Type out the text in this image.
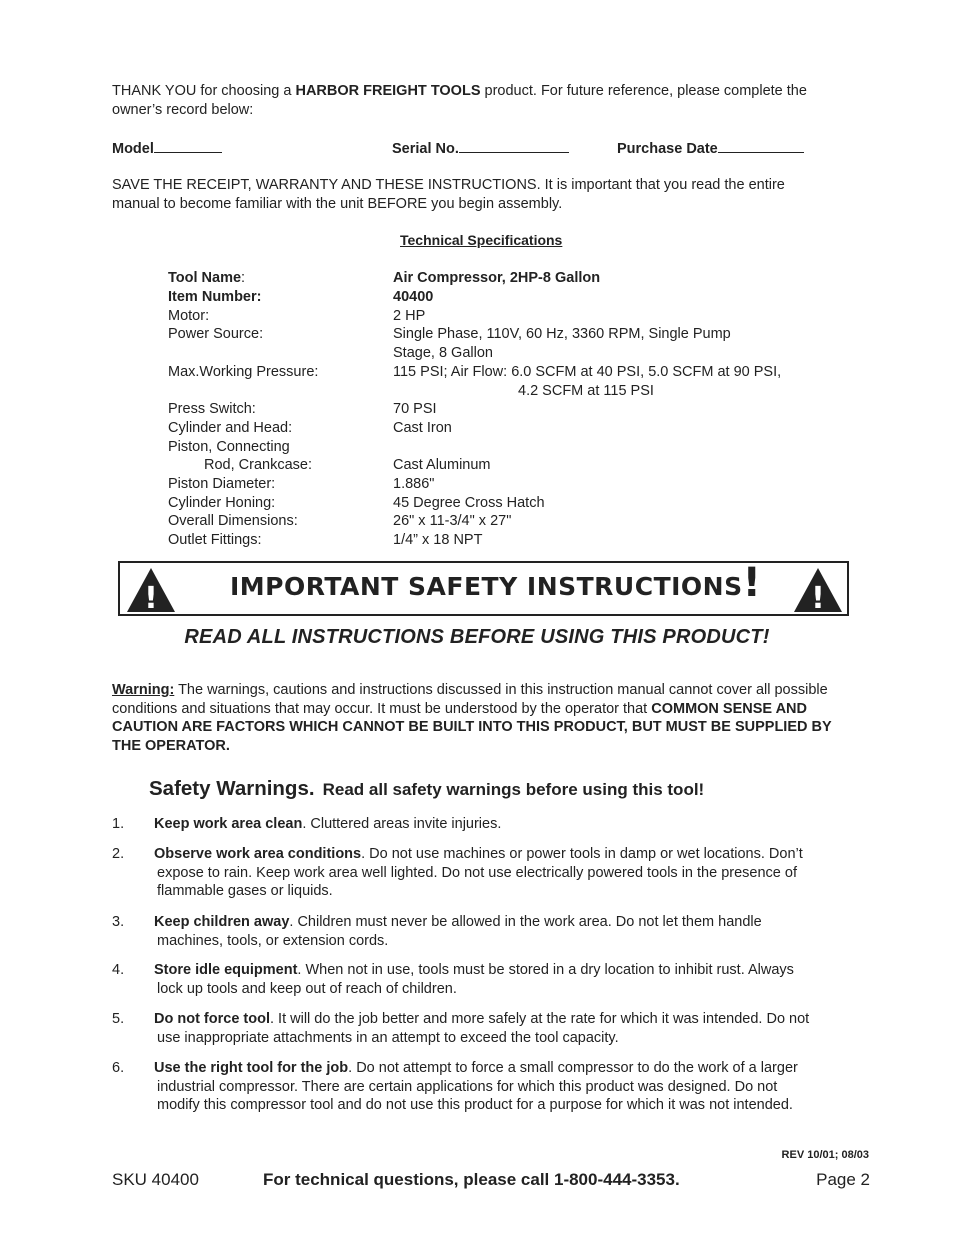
THANK YOU for choosing a HARBOR FREIGHT TOOLS product. For future reference, please complete the
owner’s record below:
Model	Serial No.	Purchase Date
SAVE THE RECEIPT, WARRANTY AND THESE INSTRUCTIONS. It is important that you read the entire
manual to become familiar with the unit BEFORE you begin assembly.
Technical Specifications
Tool Name:	Air Compressor, 2HP-8 Gallon
Item Number:	40400
Motor:	2 HP
Power Source:	Single Phase, 110V, 60 Hz, 3360 RPM, Single Pump
Stage, 8 Gallon
Max.Working Pressure:	115 PSI; Air Flow: 6.0 SCFM at 40 PSI, 5.0 SCFM at 90 PSI,
4.2 SCFM at 115 PSI
Press Switch:	70 PSI
Cylinder and Head:	Cast Iron
Piston, Connecting
Rod, Crankcase:	Cast Aluminum
Piston Diameter:	1.886"
Cylinder Honing:	45 Degree Cross Hatch
Overall Dimensions:	26" x 11-3/4" x 27"
Outlet Fittings:	1/4” x 18 NPT
!	IMPORTANT SAFETY INSTRUCTIONS! !
READ ALL INSTRUCTIONS BEFORE USING THIS PRODUCT!
Warning: The warnings, cautions and instructions discussed in this instruction manual cannot cover all possible
conditions and situations that may occur. It must be understood by the operator that COMMON SENSE AND
CAUTION ARE FACTORS WHICH CANNOT BE BUILT INTO THIS PRODUCT, BUT MUST BE SUPPLIED BY
THE OPERATOR.
Safety Warnings. Read all safety warnings before using this tool!
1. Keep work area clean. Cluttered areas invite injuries.
2. Observe work area conditions. Do not use machines or power tools in damp or wet locations. Don’t
expose to rain. Keep work area well lighted. Do not use electrically powered tools in the presence of
flammable gases or liquids.
3. Keep children away. Children must never be allowed in the work area. Do not let them handle
machines, tools, or extension cords.
4. Store idle equipment. When not in use, tools must be stored in a dry location to inhibit rust. Always
lock up tools and keep out of reach of children.
5. Do not force tool. It will do the job better and more safely at the rate for which it was intended. Do not
use inappropriate attachments in an attempt to exceed the tool capacity.
6. Use the right tool for the job. Do not attempt to force a small compressor to do the work of a larger
industrial compressor. There are certain applications for which this product was designed. Do not
modify this compressor tool and do not use this product for a purpose for which it was not intended.
REV 10/01; 08/03
SKU 40400	For technical questions, please call 1-800-444-3353.	Page 2
